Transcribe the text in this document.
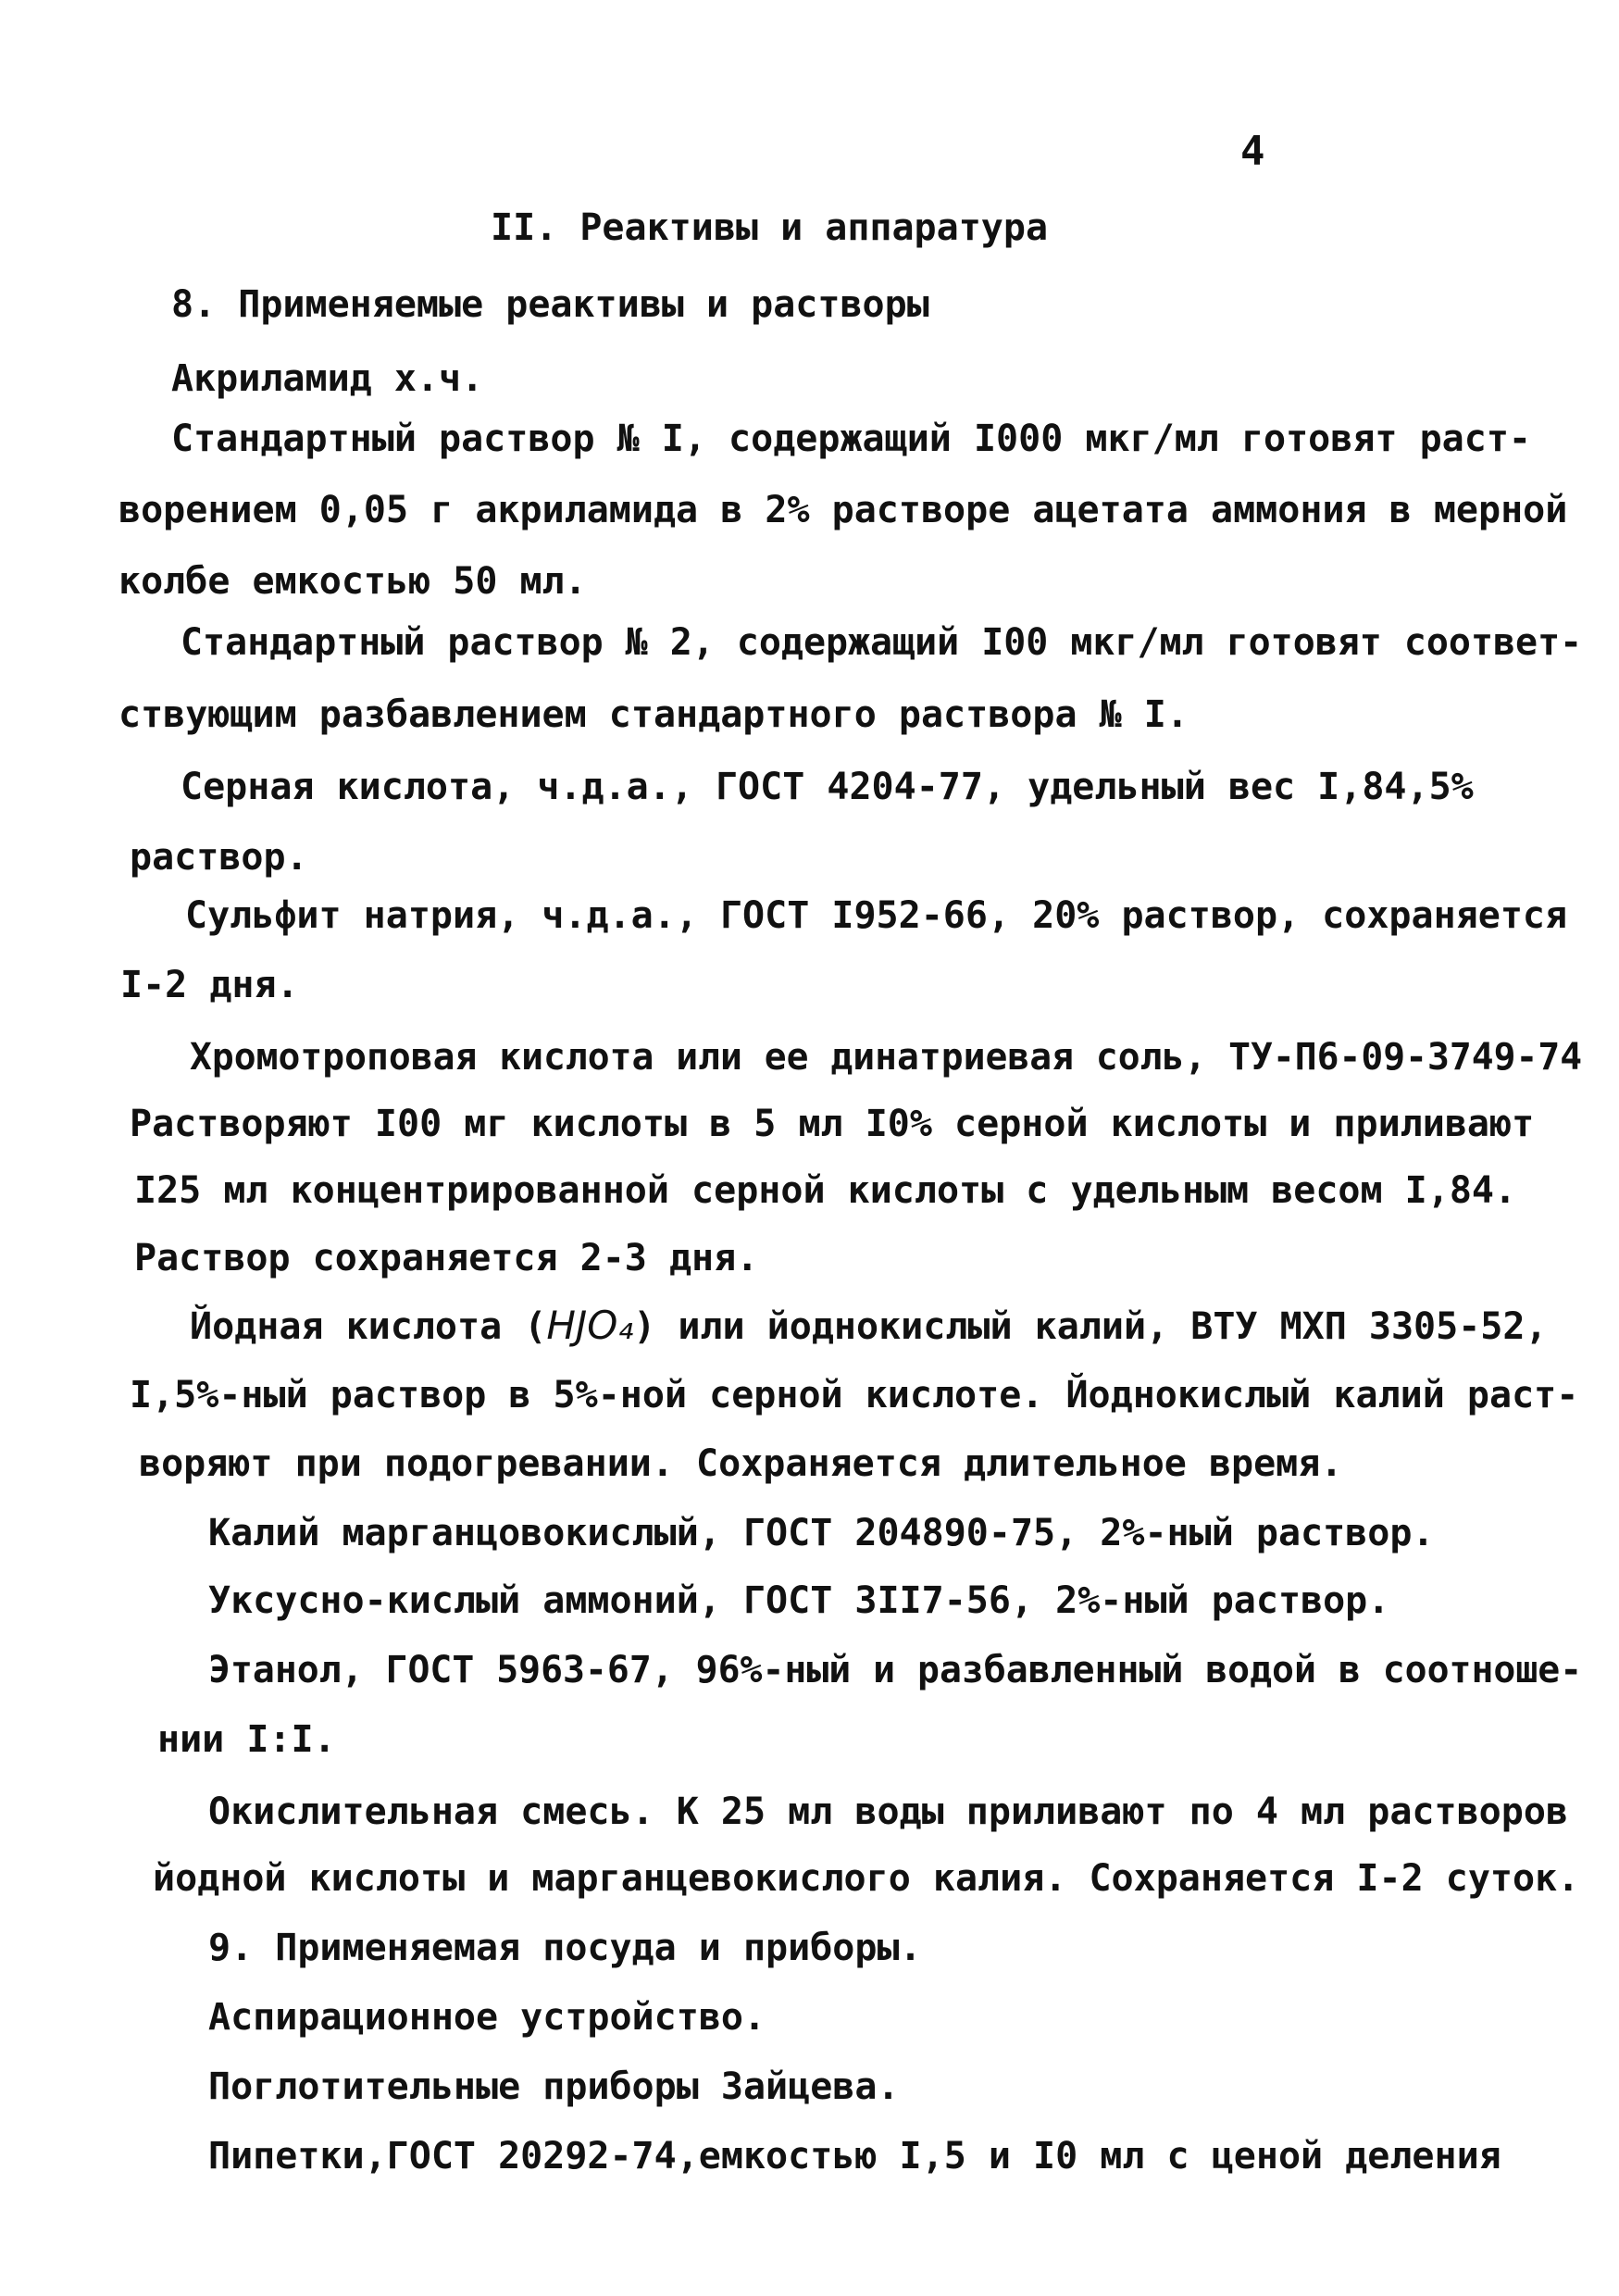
4
II. Реактивы и аппаратура
8. Применяемые реактивы и растворы
Акриламид х.ч.
Стандартный раствор № I, содержащий I000 мкг/мл готовят раст-
ворением 0,05 г акриламида в 2% растворе ацетата аммония в мерной
колбе емкостью 50 мл.
Стандартный раствор № 2, содержащий I00 мкг/мл готовят соответ-
ствующим разбавлением стандартного раствора № I.
Серная кислота, ч.д.а., ГОСТ 4204-77, удельный вес I,84,5%
раствор.
Сульфит натрия, ч.д.а., ГОСТ I952-66, 20% раствор, сохраняется
I-2 дня.
Хромотроповая кислота или ее динатриевая соль, ТУ-П6-09-3749-74
Растворяют I00 мг кислоты в 5 мл I0% серной кислоты и приливают
I25 мл концентрированной серной кислоты с удельным весом I,84.
Раствор сохраняется 2-3 дня.
Йодная кислота (HJO₄) или йоднокислый калий, ВТУ МХП 3305-52,
I,5%-ный раствор в 5%-ной серной кислоте. Йоднокислый калий раст-
воряют при подогревании. Сохраняется длительное время.
Калий марганцовокислый, ГОСТ 204890-75, 2%-ный раствор.
Уксусно-кислый аммоний, ГОСТ 3II7-56, 2%-ный раствор.
Этанол, ГОСТ 5963-67, 96%-ный и разбавленный водой в соотноше-
нии I:I.
Окислительная смесь. К 25 мл воды приливают по 4 мл растворов
йодной кислоты и марганцевокислого калия. Сохраняется I-2 суток.
9. Применяемая посуда и приборы.
Аспирационное устройство.
Поглотительные приборы Зайцева.
Пипетки,ГОСТ 20292-74,емкостью I,5 и I0 мл с ценой деления
